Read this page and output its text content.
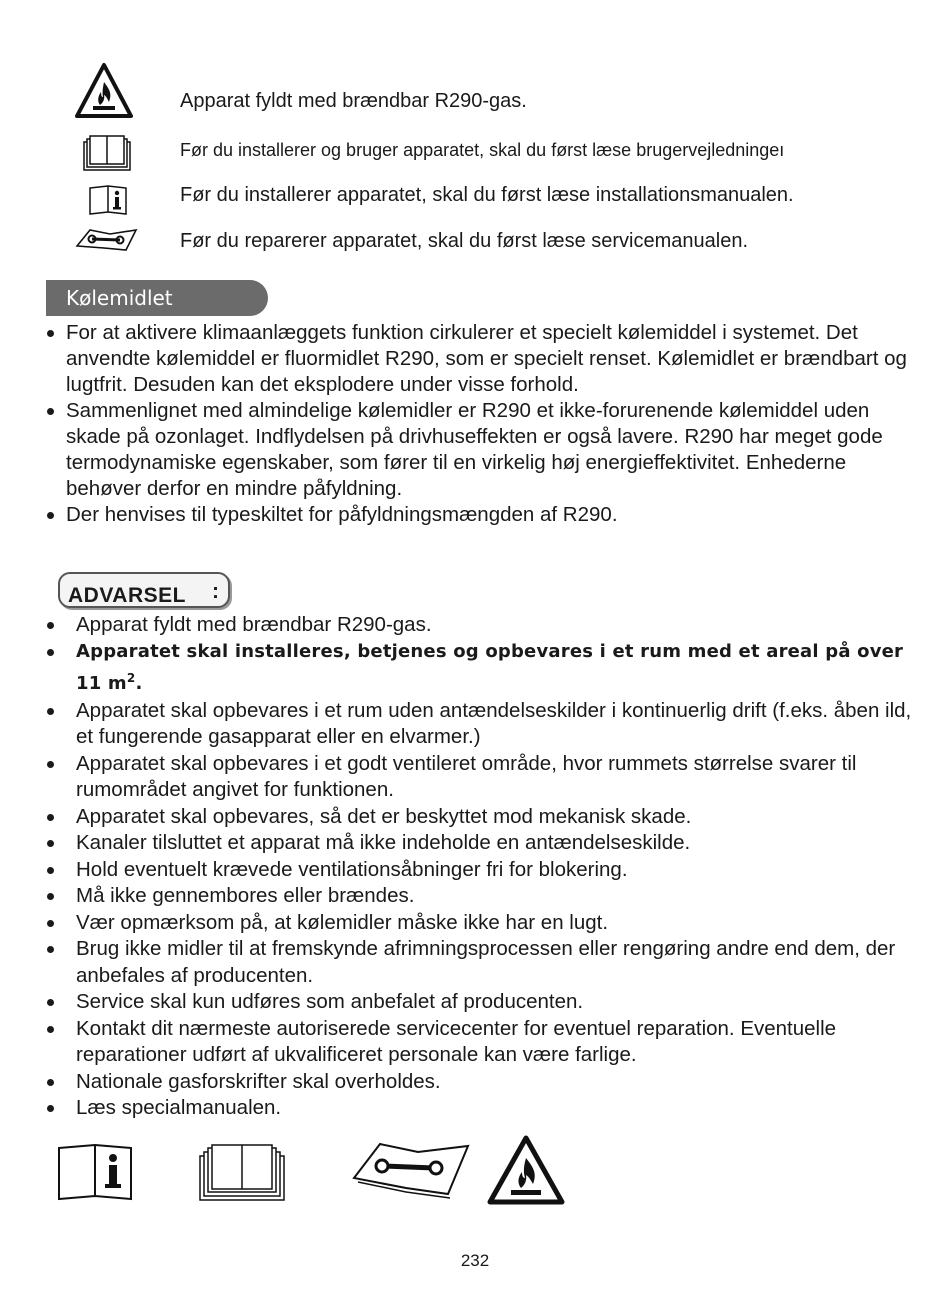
Apparat fyldt med brændbar R290-gas.
Før du installerer og bruger apparatet, skal du først læse brugervejledningeı
Før du installerer apparatet, skal du først læse installationsmanualen.
Før du reparerer apparatet, skal du først læse servicemanualen.
Kølemidlet
For at aktivere klimaanlæggets funktion cirkulerer et specielt kølemiddel i systemet. Det anvendte kølemiddel er fluormidlet R290, som er specielt renset. Kølemidlet er brændbart og lugtfrit. Desuden kan det eksplodere under visse forhold.
Sammenlignet med almindelige kølemidler er R290 et ikke-forurenende kølemiddel uden skade på ozonlaget. Indflydelsen på drivhuseffekten er også lavere. R290 har meget gode termodynamiske egenskaber, som fører til en virkelig høj energieffektivitet. Enhederne behøver derfor en mindre påfyldning.
Der henvises til typeskiltet for påfyldningsmængden af R290.
ADVARSEL :
Apparat fyldt med brændbar R290-gas.
Apparatet skal installeres, betjenes og opbevares i et rum med et areal på over 11 $m^2$.
Apparatet skal opbevares i et rum uden antændelseskilder i kontinuerlig drift (f.eks. åben ild, et fungerende gasapparat eller en elvarmer.)
Apparatet skal opbevares i et godt ventileret område, hvor rummets størrelse svarer til rumområdet angivet for funktionen.
Apparatet skal opbevares, så det er beskyttet mod mekanisk skade.
Kanaler tilsluttet et apparat må ikke indeholde en antændelseskilde.
Hold eventuelt krævede ventilationsåbninger fri for blokering.
Må ikke gennembores eller brændes.
Vær opmærksom på, at kølemidler måske ikke har en lugt.
Brug ikke midler til at fremskynde afrimningsprocessen eller rengøring andre end dem, der anbefales af producenten.
Service skal kun udføres som anbefalet af producenten.
Kontakt dit nærmeste autoriserede servicecenter for eventuel reparation. Eventuelle reparationer udført af ukvalificeret personale kan være farlige.
Nationale gasforskrifter skal overholdes.
Læs specialmanualen.
232
